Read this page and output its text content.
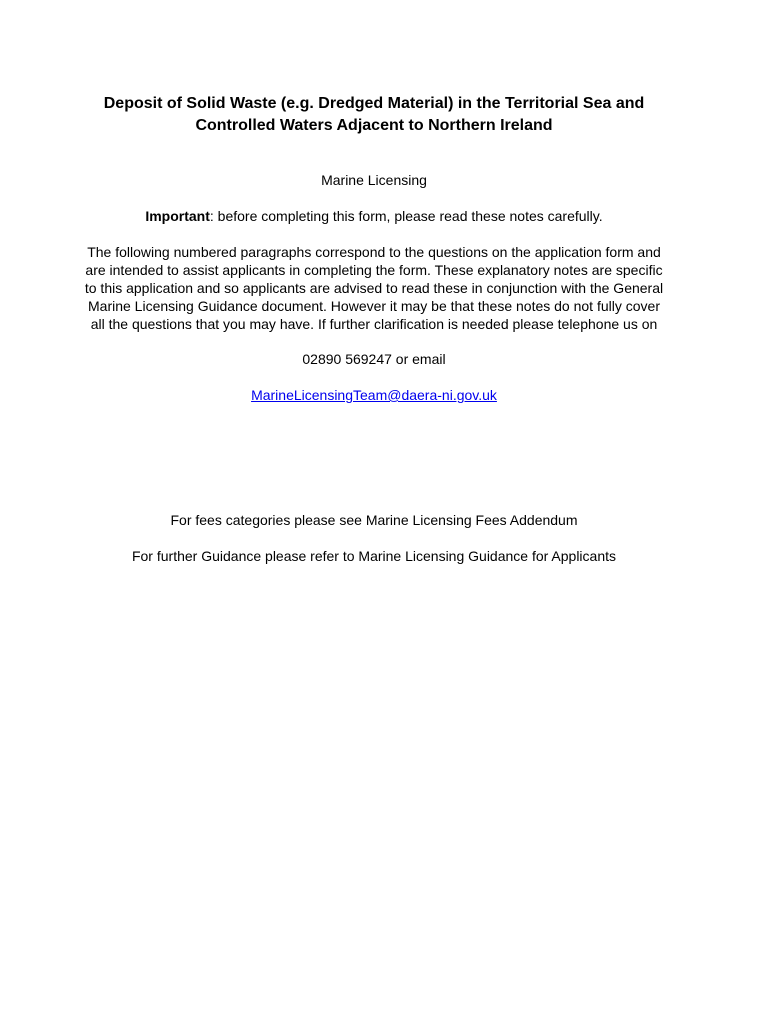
Deposit of Solid Waste (e.g. Dredged Material) in the Territorial Sea and
Controlled Waters Adjacent to Northern Ireland

Marine Licensing

Important: before completing this form, please read these notes carefully.

The following numbered paragraphs correspond to the questions on the application form and
are intended to assist applicants in completing the form. These explanatory notes are specific
to this application and so applicants are advised to read these in conjunction with the General
Marine Licensing Guidance document. However it may be that these notes do not fully cover
all the questions that you may have. If further clarification is needed please telephone us on

02890 569247 or email

MarineLicensingTeam@daera-ni.gov.uk

For fees categories please see Marine Licensing Fees Addendum

For further Guidance please refer to Marine Licensing Guidance for Applicants
